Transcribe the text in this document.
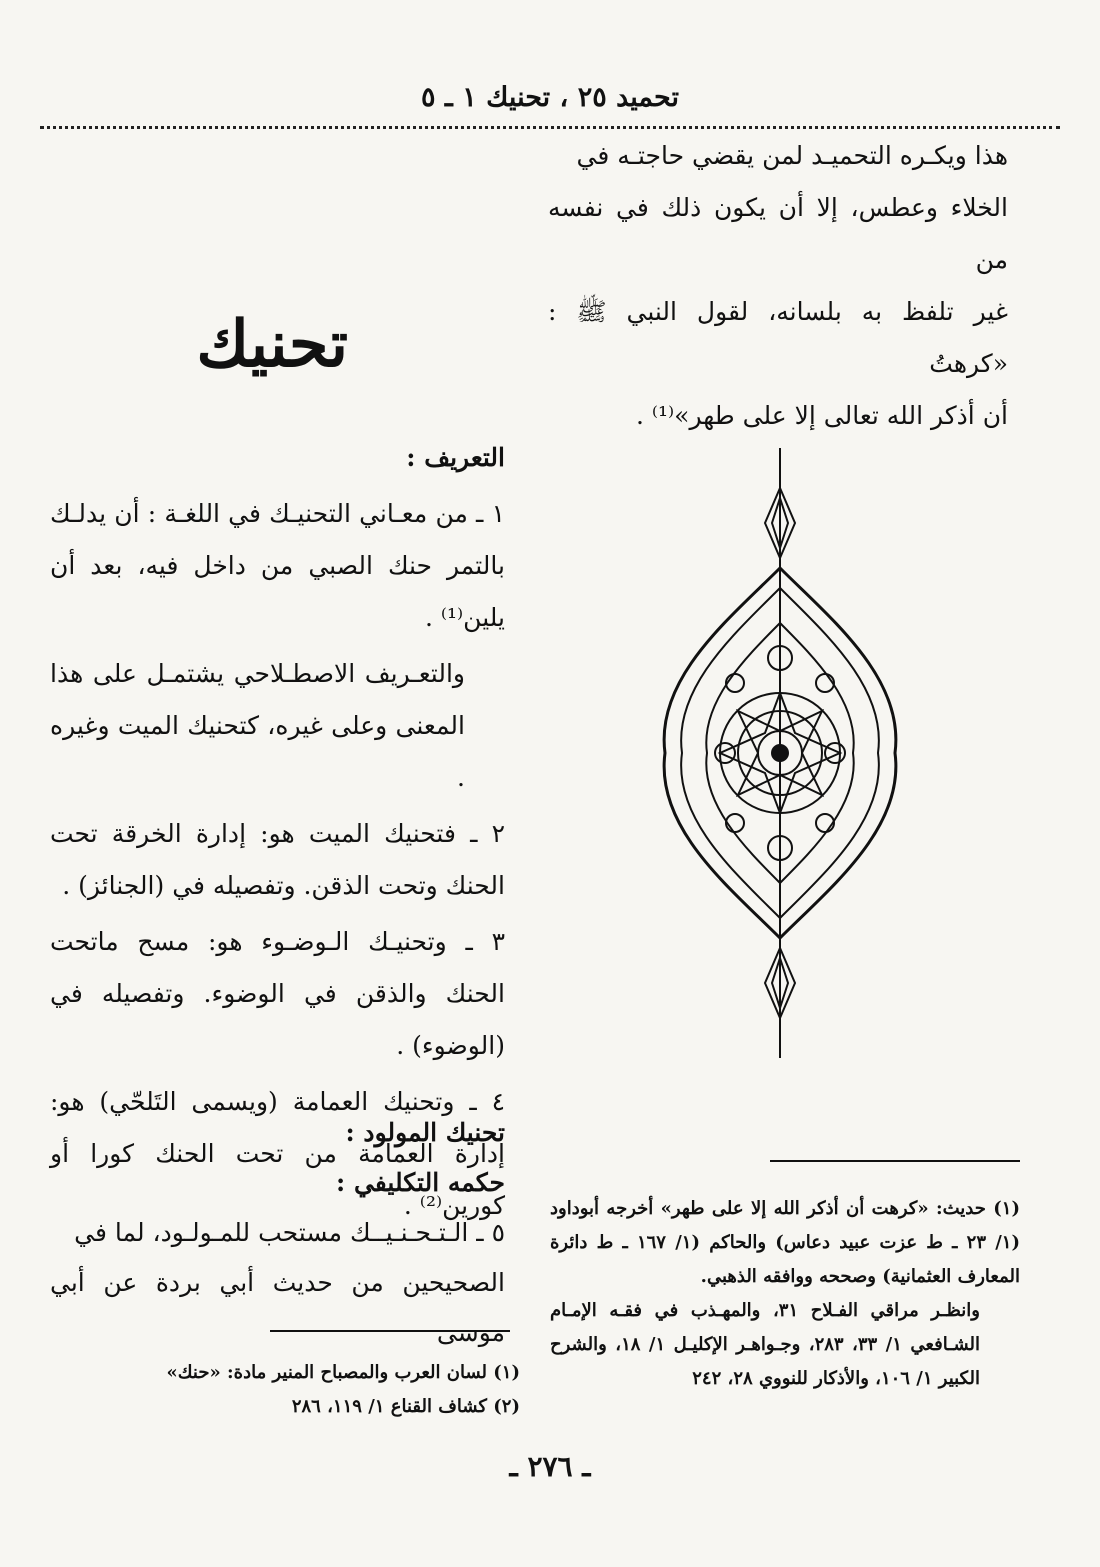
تحميد ٢٥ ، تحنيك ١ ـ ٥

هذا ويكـره التحميـد لمن يقضي حاجتـه في

الخلاء وعطس، إلا أن يكون ذلك في نفسه من

غير تلفظ به بلسانه، لقول النبي ﷺ : «كرهتُ

أن أذكر الله تعالى إلا على طهر»⁽¹⁾ .

تحنيك

التعريف :

١ ـ من معـاني التحنيـك في اللغـة : أن يدلـك بالتمر حنك الصبي من داخل فيه، بعد أن يلين⁽¹⁾ .

والتعـريف الاصطـلاحي يشتمـل على هذا المعنى وعلى غيره، كتحنيك الميت وغيره .

٢ ـ فتحنيك الميت هو: إدارة الخرقة تحت الحنك وتحت الذقن. وتفصيله في (الجنائز) .

٣ ـ وتحنيـك الـوضـوء هو: مسح ماتحت الحنك والذقن في الوضوء. وتفصيله في (الوضوء) .

٤ ـ وتحنيك العمامة (ويسمى التَلحّي) هو: إدارة العمامة من تحت الحنك كورا أو كورين⁽²⁾ .

تحنيك المولود :

حكمه التكليفي :

٥ ـ الـتـحـنـيــك مستحب للمـولـود، لما في

الصحيحين من حديث أبي بردة عن أبي موسى

(١) حديث: «كرهت أن أذكر الله إلا على طهر» أخرجه أبوداود (١/ ٢٣ ـ ط عزت عبيد دعاس) والحاكم (١/ ١٦٧ ـ ط دائرة المعارف العثمانية) وصححه ووافقه الذهبي.

وانظـر مراقي الفـلاح ٣١، والمهـذب في فقـه الإمـام الشـافعي ١/ ٣٣، ٢٨٣، وجـواهـر الإكليـل ١/ ١٨، والشرح الكبير ١/ ١٠٦، والأذكار للنووي ٢٨، ٢٤٢

(١) لسان العرب والمصباح المنير مادة: «حنك»

(٢) كشاف القناع ١/ ١١٩، ٢٨٦

ـ ٢٧٦ ـ
